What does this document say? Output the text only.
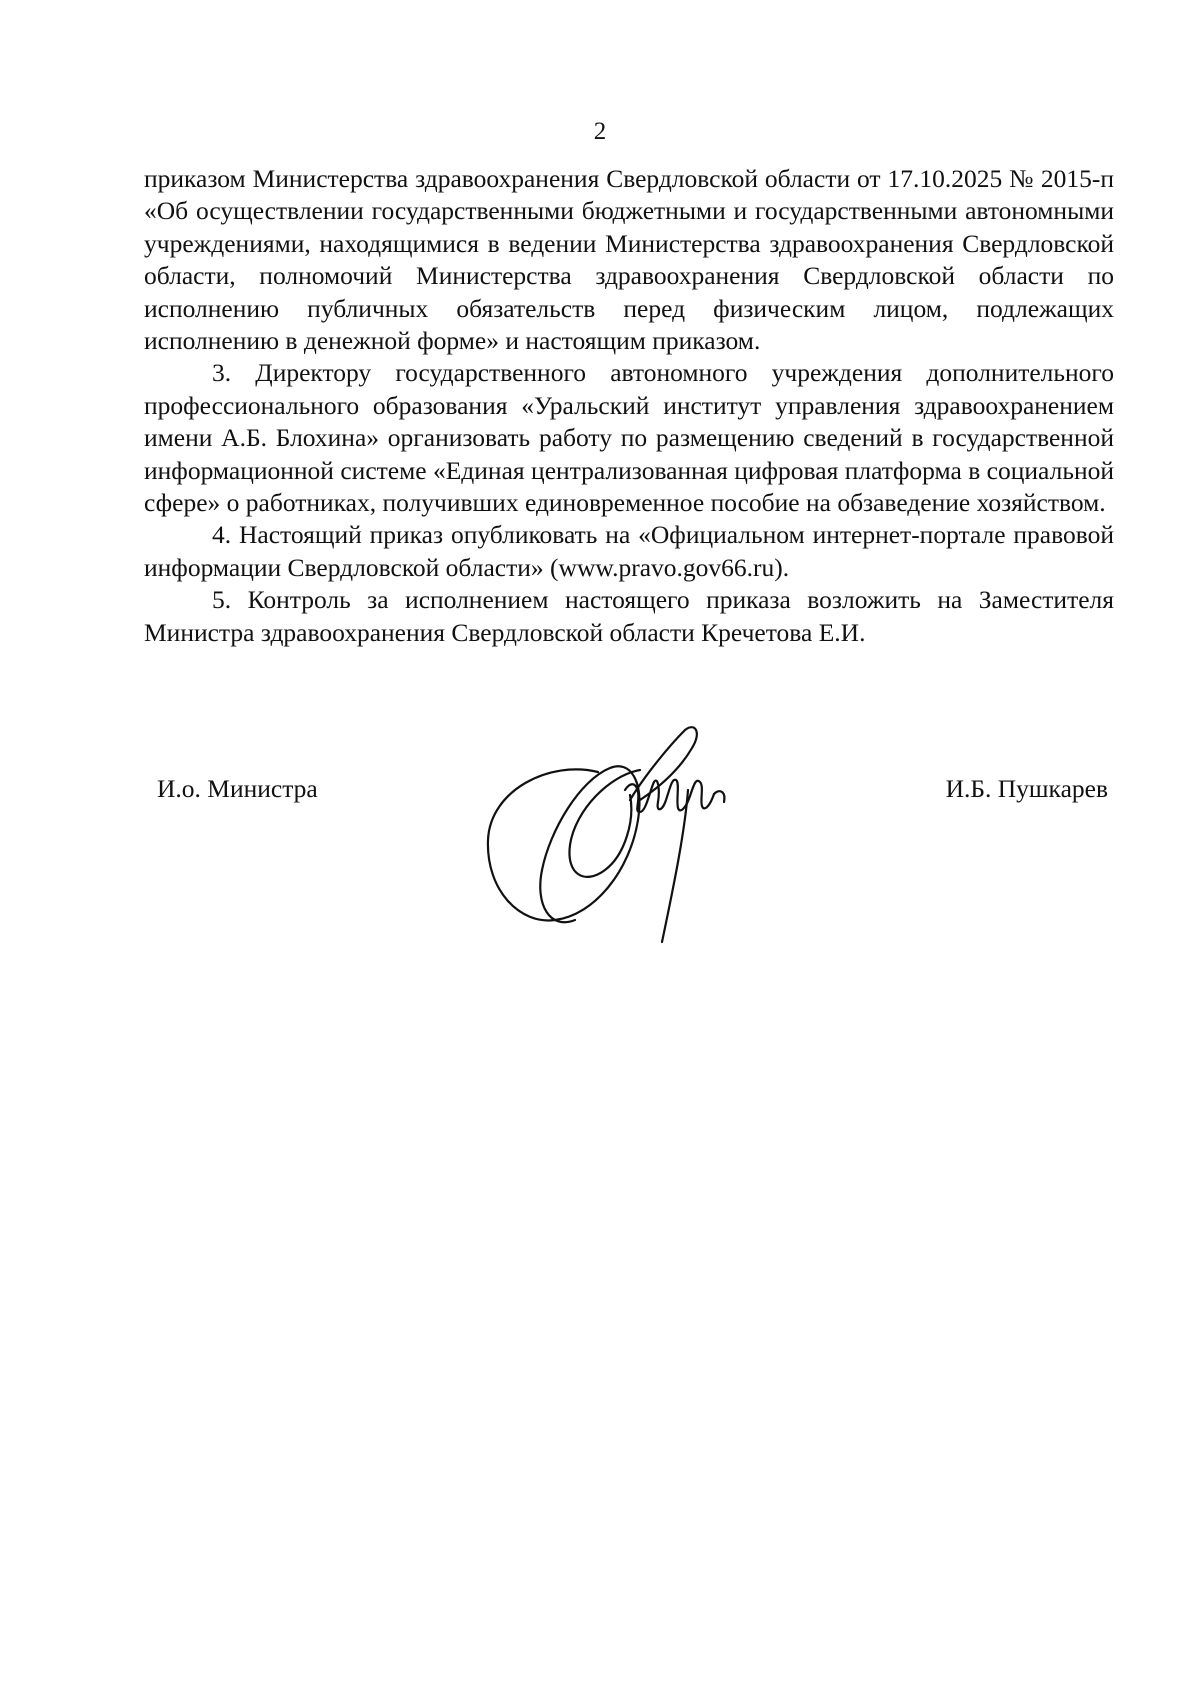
2

приказом Министерства здравоохранения Свердловской области от 17.10.2025 № 2015-п «Об осуществлении государственными бюджетными и государственными автономными учреждениями, находящимися в ведении Министерства здравоохранения Свердловской области, полномочий Министерства здравоохранения Свердловской области по исполнению публичных обязательств перед физическим лицом, подлежащих исполнению в денежной форме» и настоящим приказом.

3. Директору государственного автономного учреждения дополнительного профессионального образования «Уральский институт управления здравоохранением имени А.Б. Блохина» организовать работу по размещению сведений в государственной информационной системе «Единая централизованная цифровая платформа в социальной сфере» о работниках, получивших единовременное пособие на обзаведение хозяйством.

4. Настоящий приказ опубликовать на «Официальном интернет-портале правовой информации Свердловской области» (www.pravo.gov66.ru).

5. Контроль за исполнением настоящего приказа возложить на Заместителя Министра здравоохранения Свердловской области Кречетова Е.И.

И.о. Министра	И.Б. Пушкарев
